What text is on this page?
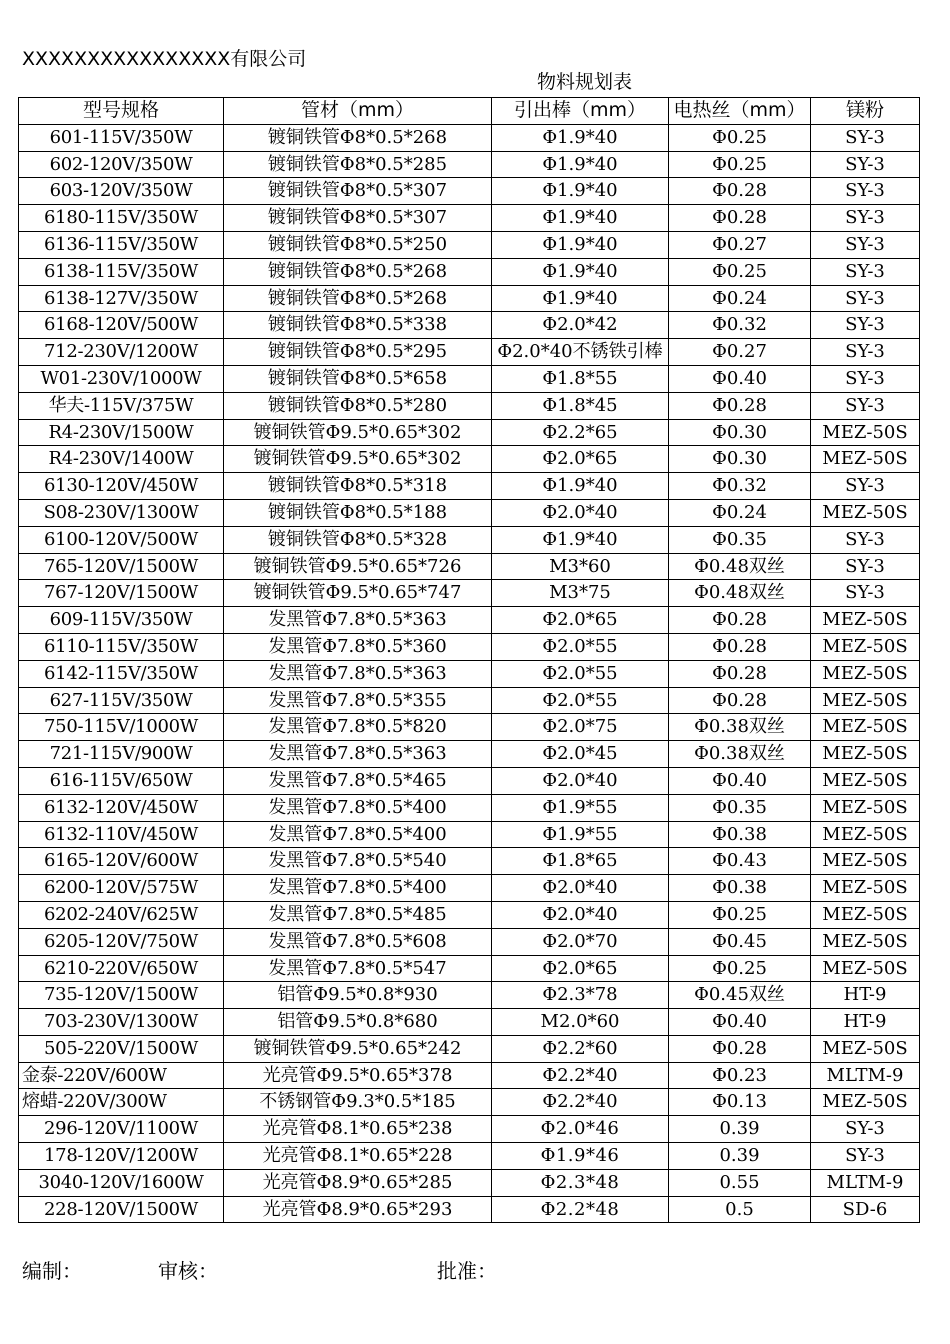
XXXXXXXXXXXXXXXX有限公司
物料规划表
型号规格	管材（mm）	引出棒（mm）	电热丝（mm）	镁粉
601-115V/350W	镀铜铁管Φ8*0.5*268	Φ1.9*40	Φ0.25	SY-3
602-120V/350W	镀铜铁管Φ8*0.5*285	Φ1.9*40	Φ0.25	SY-3
603-120V/350W	镀铜铁管Φ8*0.5*307	Φ1.9*40	Φ0.28	SY-3
6180-115V/350W	镀铜铁管Φ8*0.5*307	Φ1.9*40	Φ0.28	SY-3
6136-115V/350W	镀铜铁管Φ8*0.5*250	Φ1.9*40	Φ0.27	SY-3
6138-115V/350W	镀铜铁管Φ8*0.5*268	Φ1.9*40	Φ0.25	SY-3
6138-127V/350W	镀铜铁管Φ8*0.5*268	Φ1.9*40	Φ0.24	SY-3
6168-120V/500W	镀铜铁管Φ8*0.5*338	Φ2.0*42	Φ0.32	SY-3
712-230V/1200W	镀铜铁管Φ8*0.5*295	Φ2.0*40不锈铁引棒	Φ0.27	SY-3
W01-230V/1000W	镀铜铁管Φ8*0.5*658	Φ1.8*55	Φ0.40	SY-3
华夫-115V/375W	镀铜铁管Φ8*0.5*280	Φ1.8*45	Φ0.28	SY-3
R4-230V/1500W	镀铜铁管Φ9.5*0.65*302	Φ2.2*65	Φ0.30	MEZ-50S
R4-230V/1400W	镀铜铁管Φ9.5*0.65*302	Φ2.0*65	Φ0.30	MEZ-50S
6130-120V/450W	镀铜铁管Φ8*0.5*318	Φ1.9*40	Φ0.32	SY-3
S08-230V/1300W	镀铜铁管Φ8*0.5*188	Φ2.0*40	Φ0.24	MEZ-50S
6100-120V/500W	镀铜铁管Φ8*0.5*328	Φ1.9*40	Φ0.35	SY-3
765-120V/1500W	镀铜铁管Φ9.5*0.65*726	M3*60	Φ0.48双丝	SY-3
767-120V/1500W	镀铜铁管Φ9.5*0.65*747	M3*75	Φ0.48双丝	SY-3
609-115V/350W	发黑管Φ7.8*0.5*363	Φ2.0*65	Φ0.28	MEZ-50S
6110-115V/350W	发黑管Φ7.8*0.5*360	Φ2.0*55	Φ0.28	MEZ-50S
6142-115V/350W	发黑管Φ7.8*0.5*363	Φ2.0*55	Φ0.28	MEZ-50S
627-115V/350W	发黑管Φ7.8*0.5*355	Φ2.0*55	Φ0.28	MEZ-50S
750-115V/1000W	发黑管Φ7.8*0.5*820	Φ2.0*75	Φ0.38双丝	MEZ-50S
721-115V/900W	发黑管Φ7.8*0.5*363	Φ2.0*45	Φ0.38双丝	MEZ-50S
616-115V/650W	发黑管Φ7.8*0.5*465	Φ2.0*40	Φ0.40	MEZ-50S
6132-120V/450W	发黑管Φ7.8*0.5*400	Φ1.9*55	Φ0.35	MEZ-50S
6132-110V/450W	发黑管Φ7.8*0.5*400	Φ1.9*55	Φ0.38	MEZ-50S
6165-120V/600W	发黑管Φ7.8*0.5*540	Φ1.8*65	Φ0.43	MEZ-50S
6200-120V/575W	发黑管Φ7.8*0.5*400	Φ2.0*40	Φ0.38	MEZ-50S
6202-240V/625W	发黑管Φ7.8*0.5*485	Φ2.0*40	Φ0.25	MEZ-50S
6205-120V/750W	发黑管Φ7.8*0.5*608	Φ2.0*70	Φ0.45	MEZ-50S
6210-220V/650W	发黑管Φ7.8*0.5*547	Φ2.0*65	Φ0.25	MEZ-50S
735-120V/1500W	铝管Φ9.5*0.8*930	Φ2.3*78	Φ0.45双丝	HT-9
703-230V/1300W	铝管Φ9.5*0.8*680	M2.0*60	Φ0.40	HT-9
505-220V/1500W	镀铜铁管Φ9.5*0.65*242	Φ2.2*60	Φ0.28	MEZ-50S
金泰-220V/600W	光亮管Φ9.5*0.65*378	Φ2.2*40	Φ0.23	MLTM-9
熔蜡-220V/300W	不锈钢管Φ9.3*0.5*185	Φ2.2*40	Φ0.13	MEZ-50S
296-120V/1100W	光亮管Φ8.1*0.65*238	Φ2.0*46	0.39	SY-3
178-120V/1200W	光亮管Φ8.1*0.65*228	Φ1.9*46	0.39	SY-3
3040-120V/1600W	光亮管Φ8.9*0.65*285	Φ2.3*48	0.55	MLTM-9
228-120V/1500W	光亮管Φ8.9*0.65*293	Φ2.2*48	0.5	SD-6
编制：	审核：	批准：
